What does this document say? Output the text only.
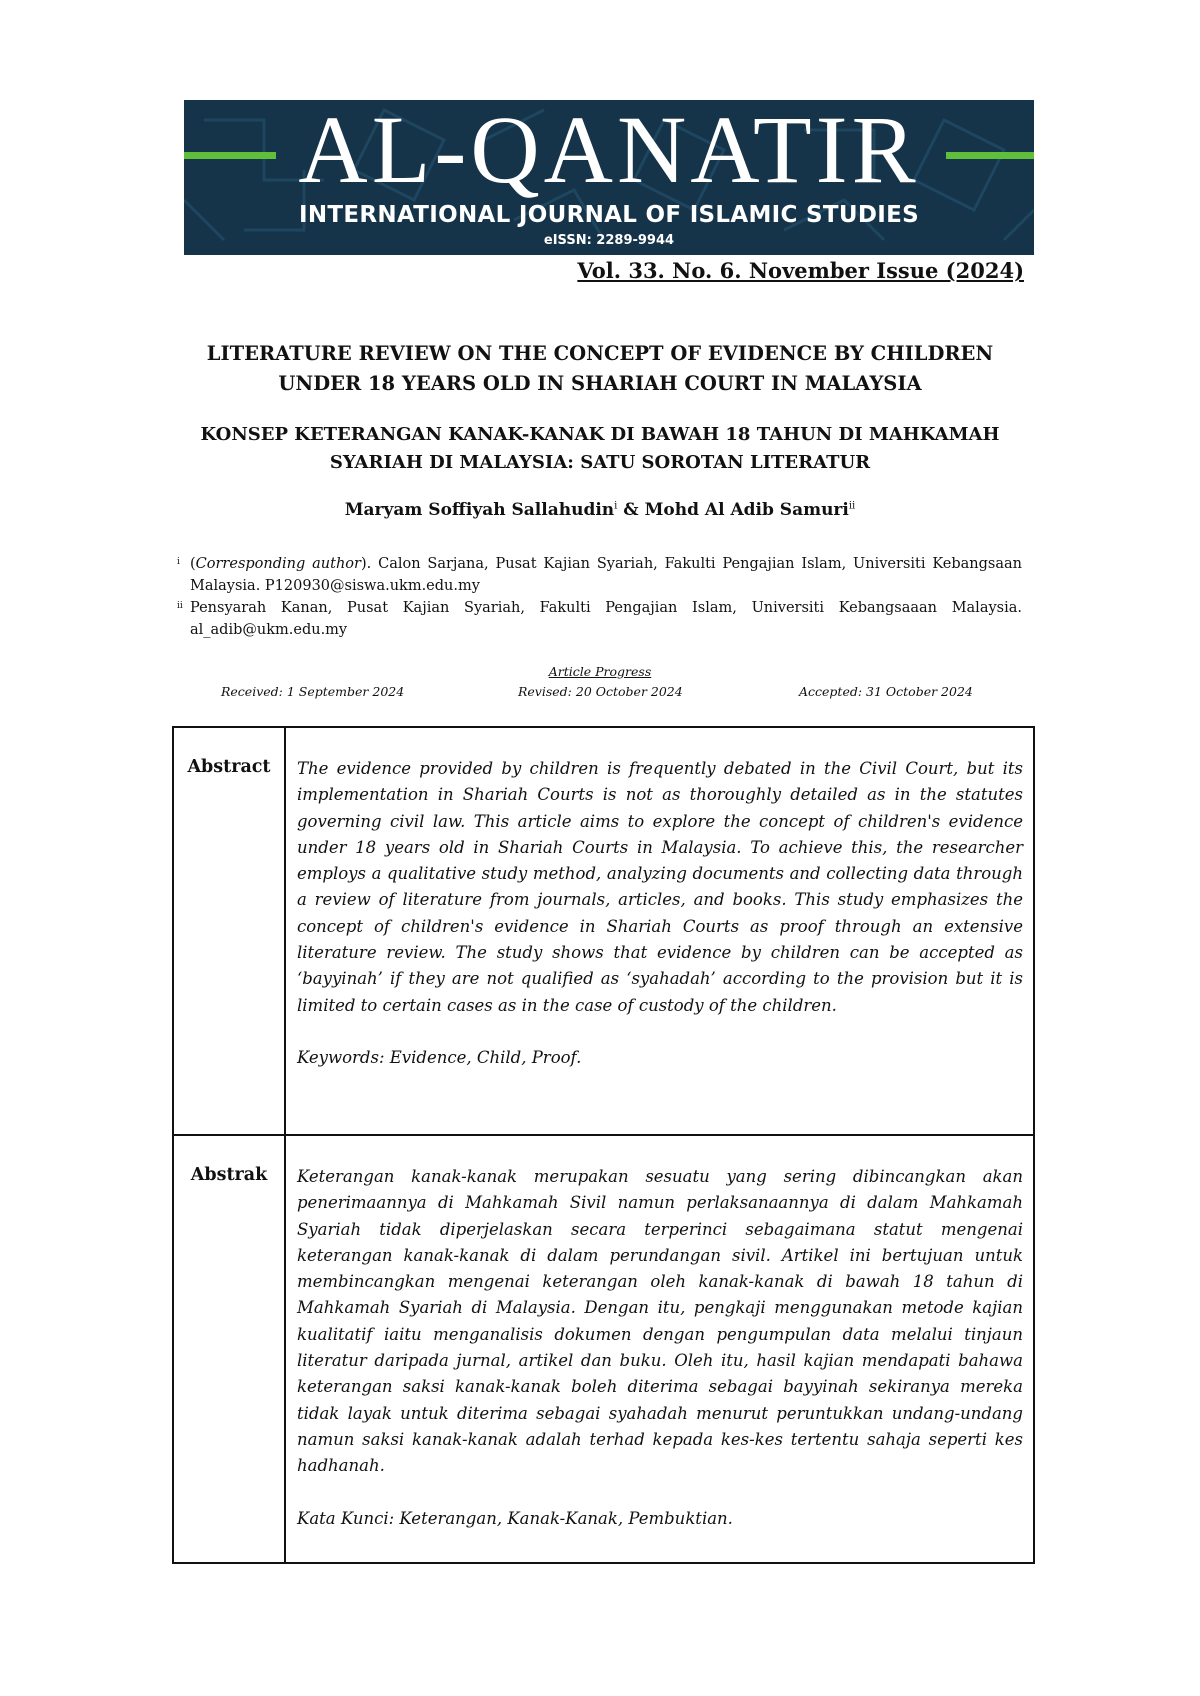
AL-QANATIR
INTERNATIONAL JOURNAL OF ISLAMIC STUDIES
eISSN: 2289-9944
Vol. 33. No. 6. November Issue (2024)
LITERATURE REVIEW ON THE CONCEPT OF EVIDENCE BY CHILDREN UNDER 18 YEARS OLD IN SHARIAH COURT IN MALAYSIA
KONSEP KETERANGAN KANAK-KANAK DI BAWAH 18 TAHUN DI MAHKAMAH SYARIAH DI MALAYSIA: SATU SOROTAN LITERATUR
Maryam Soffiyah Sallahudin$^i$ & Mohd Al Adib Samuri$^{ii}$
i (Corresponding author). Calon Sarjana, Pusat Kajian Syariah, Fakulti Pengajian Islam, Universiti Kebangsaan Malaysia. P120930@siswa.ukm.edu.my
ii Pensyarah Kanan, Pusat Kajian Syariah, Fakulti Pengajian Islam, Universiti Kebangsaaan Malaysia. al_adib@ukm.edu.my
Article Progress
Received: 1 September 2024	Revised: 20 October 2024	Accepted: 31 October 2024
Abstract	The evidence provided by children is frequently debated in the Civil Court, but its implementation in Shariah Courts is not as thoroughly detailed as in the statutes governing civil law. This article aims to explore the concept of children's evidence under 18 years old in Shariah Courts in Malaysia. To achieve this, the researcher employs a qualitative study method, analyzing documents and collecting data through a review of literature from journals, articles, and books. This study emphasizes the concept of children's evidence in Shariah Courts as proof through an extensive literature review. The study shows that evidence by children can be accepted as ‘bayyinah’ if they are not qualified as ‘syahadah’ according to the provision but it is limited to certain cases as in the case of custody of the children.

Keywords: Evidence, Child, Proof.

Abstrak	Keterangan kanak-kanak merupakan sesuatu yang sering dibincangkan akan penerimaannya di Mahkamah Sivil namun perlaksanaannya di dalam Mahkamah Syariah tidak diperjelaskan secara terperinci sebagaimana statut mengenai keterangan kanak-kanak di dalam perundangan sivil. Artikel ini bertujuan untuk membincangkan mengenai keterangan oleh kanak-kanak di bawah 18 tahun di Mahkamah Syariah di Malaysia. Dengan itu, pengkaji menggunakan metode kajian kualitatif iaitu menganalisis dokumen dengan pengumpulan data melalui tinjaun literatur daripada jurnal, artikel dan buku. Oleh itu, hasil kajian mendapati bahawa keterangan saksi kanak-kanak boleh diterima sebagai bayyinah sekiranya mereka tidak layak untuk diterima sebagai syahadah menurut peruntukkan undang-undang namun saksi kanak-kanak adalah terhad kepada kes-kes tertentu sahaja seperti kes hadhanah.

Kata Kunci: Keterangan, Kanak-Kanak, Pembuktian.
